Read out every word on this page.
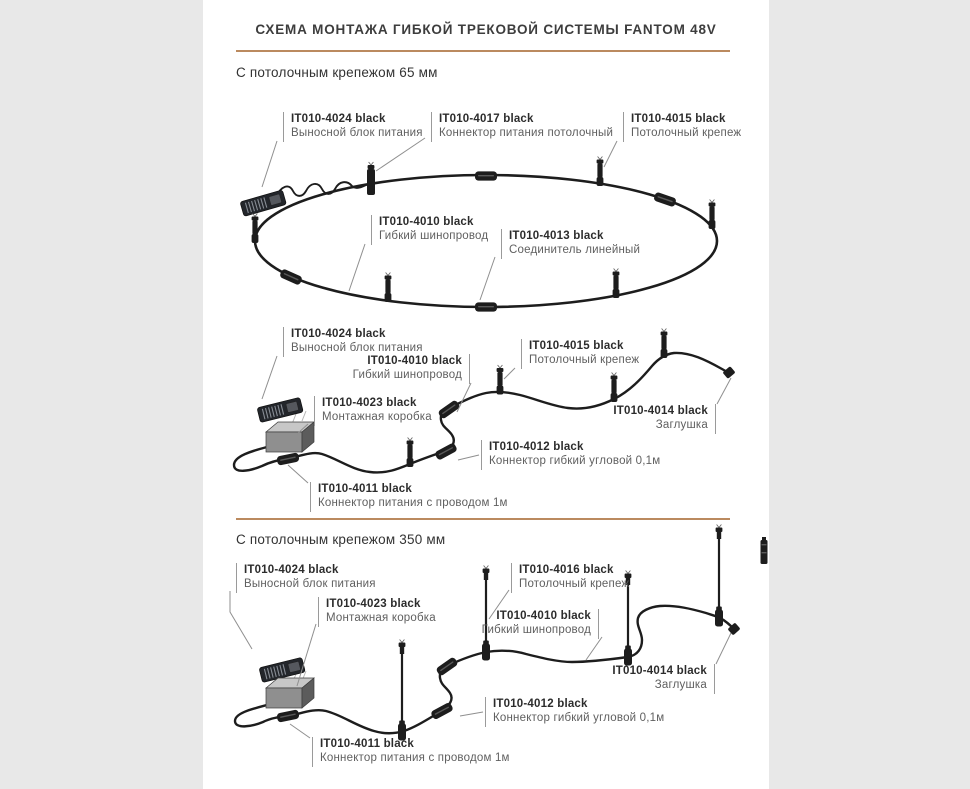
СХЕМА МОНТАЖА ГИБКОЙ ТРЕКОВОЙ СИСТЕМЫ FANTOM 48V
С потолочным крепежом 65 мм
С потолочным крепежом 350 мм
IT010-4024 black
Выносной блок питания
IT010-4017 black
Коннектор питания потолочный
IT010-4015 black
Потолочный крепеж
IT010-4010 black
Гибкий шинопровод IT010-4013 black
Соединитель линейный
IT010-4024 black
Выносной блок питания
IT010-4010 black
Гибкий шинопровод
IT010-4015 black
Потолочный крепеж
IT010-4014 black
Заглушка
IT010-4023 black
Монтажная коробка
IT010-4012 black
Коннектор гибкий угловой 0,1м
IT010-4011 black
Коннектор питания с проводом 1м
IT010-4024 black
Выносной блок питания
IT010-4023 black
Монтажная коробка
IT010-4016 black
Потолочный крепеж
IT010-4010 black
Гибкий шинопровод
IT010-4014 black
Заглушка
IT010-4012 black
Коннектор гибкий угловой 0,1м
IT010-4011 black
Коннектор питания с проводом 1м
